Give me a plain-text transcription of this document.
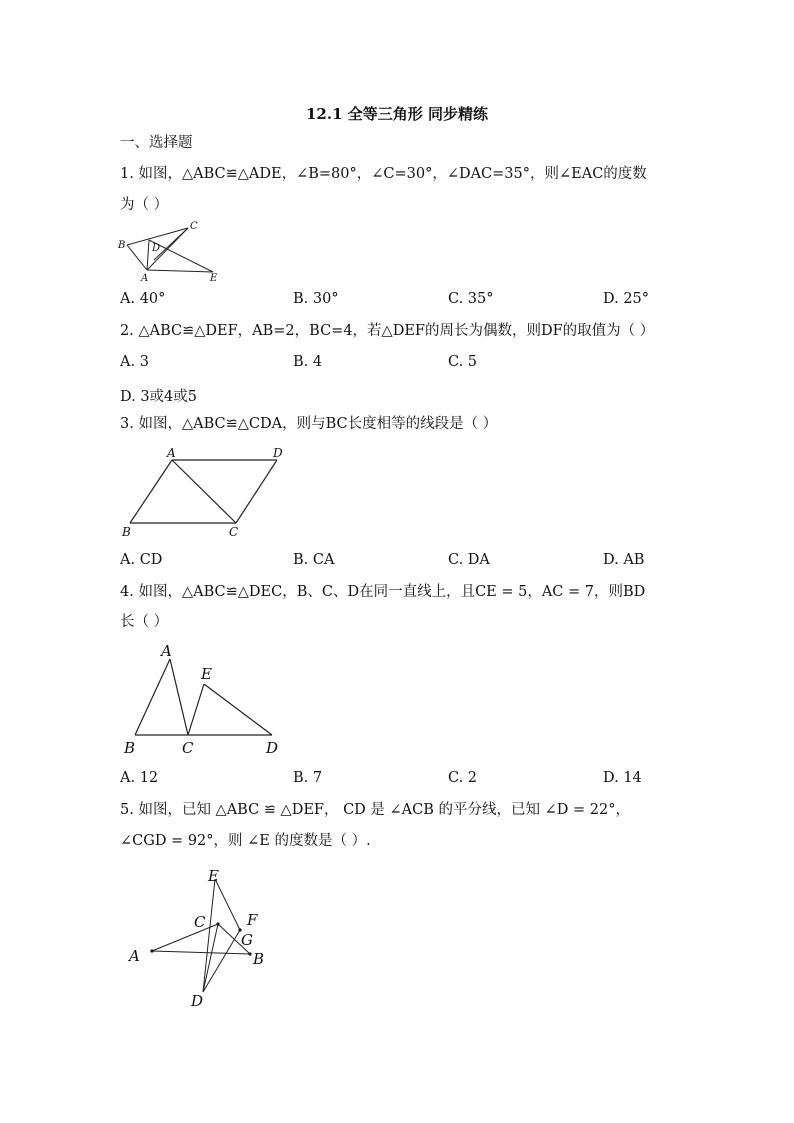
12.1 全等三角形 同步精练
一、选择题
1. 如图，△ABC≌△ADE，∠B=80°，∠C=30°，∠DAC=35°，则∠EAC的度数
为（ ）
B
C
D
A	E
A. 40°	B. 30°	C. 35°	D. 25°
2. △ABC≌△DEF，AB=2，BC=4，若△DEF的周长为偶数，则DF的取值为（ ）
A. 3	B. 4	C. 5
D. 3或4或5
3. 如图，△ABC≌△CDA，则与BC长度相等的线段是（ ）
A	D
B	C
A. CD	B. CA	C. DA	D. AB
4. 如图，△ABC≌△DEC，B、C、D在同一直线上，且CE = 5，AC = 7，则BD
长（ ）
A
E
B	C	D
A. 12	B. 7	C. 2	D. 14
5. 如图，已知 △ABC ≌ △DEF， CD 是 ∠ACB 的平分线，已知 ∠D = 22°，
∠CGD = 92°，则 ∠E 的度数是（ ）.
E
C	F
G
A	B
D
